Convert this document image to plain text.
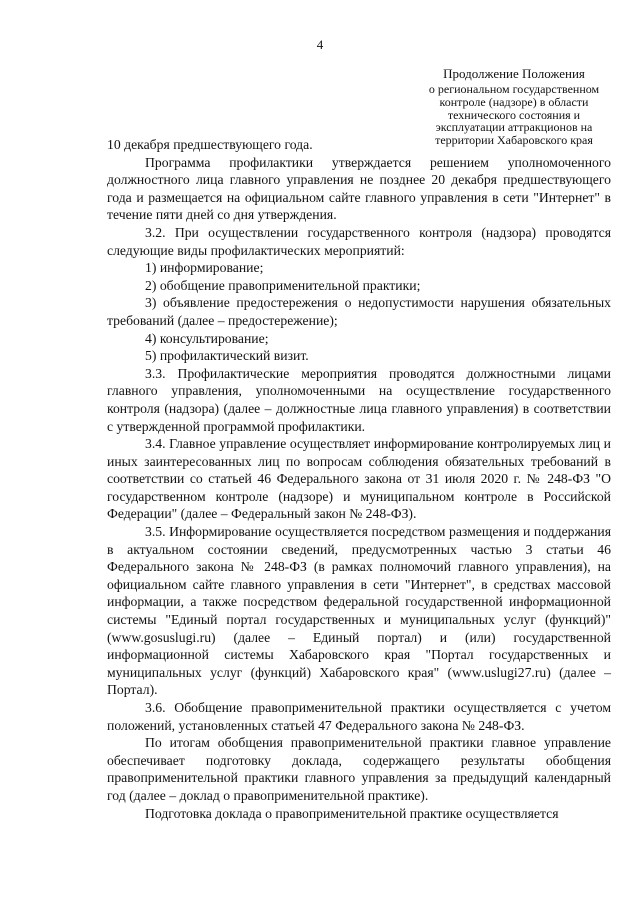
4
Продолжение Положения
о региональном государственном
контроле (надзоре) в области
технического состояния и
эксплуатации аттракционов на
территории Хабаровского края

10 декабря предшествующего года.

Программа профилактики утверждается решением уполномоченного должностного лица главного управления не позднее 20 декабря предшествующего года и размещается на официальном сайте главного управления в сети "Интернет" в течение пяти дней со дня утверждения.

3.2. При осуществлении государственного контроля (надзора) проводятся следующие виды профилактических мероприятий:

1) информирование;

2) обобщение правоприменительной практики;

3) объявление предостережения о недопустимости нарушения обязательных требований (далее – предостережение);

4) консультирование;

5) профилактический визит.

3.3. Профилактические мероприятия проводятся должностными лицами главного управления, уполномоченными на осуществление государственного контроля (надзора) (далее – должностные лица главного управления) в соответствии с утвержденной программой профилактики.

3.4. Главное управление осуществляет информирование контролируемых лиц и иных заинтересованных лиц по вопросам соблюдения обязательных требований в соответствии со статьей 46 Федерального закона от 31 июля 2020 г. № 248-ФЗ "О государственном контроле (надзоре) и муниципальном контроле в Российской Федерации" (далее – Федеральный закон № 248-ФЗ).

3.5. Информирование осуществляется посредством размещения и поддержания в актуальном состоянии сведений, предусмотренных частью 3 статьи 46 Федерального закона № 248-ФЗ (в рамках полномочий главного управления), на официальном сайте главного управления в сети "Интернет", в средствах массовой информации, а также посредством федеральной государственной информационной системы "Единый портал государственных и муниципальных услуг (функций)" (www.gosuslugi.ru) (далее – Единый портал) и (или) государственной информационной системы Хабаровского края "Портал государственных и муниципальных услуг (функций) Хабаровского края" (www.uslugi27.ru) (далее – Портал).

3.6. Обобщение правоприменительной практики осуществляется с учетом положений, установленных статьей 47 Федерального закона № 248-ФЗ.

По итогам обобщения правоприменительной практики главное управление обеспечивает подготовку доклада, содержащего результаты обобщения правоприменительной практики главного управления за предыдущий календарный год (далее – доклад о правоприменительной практике).

Подготовка доклада о правоприменительной практике осуществляется
